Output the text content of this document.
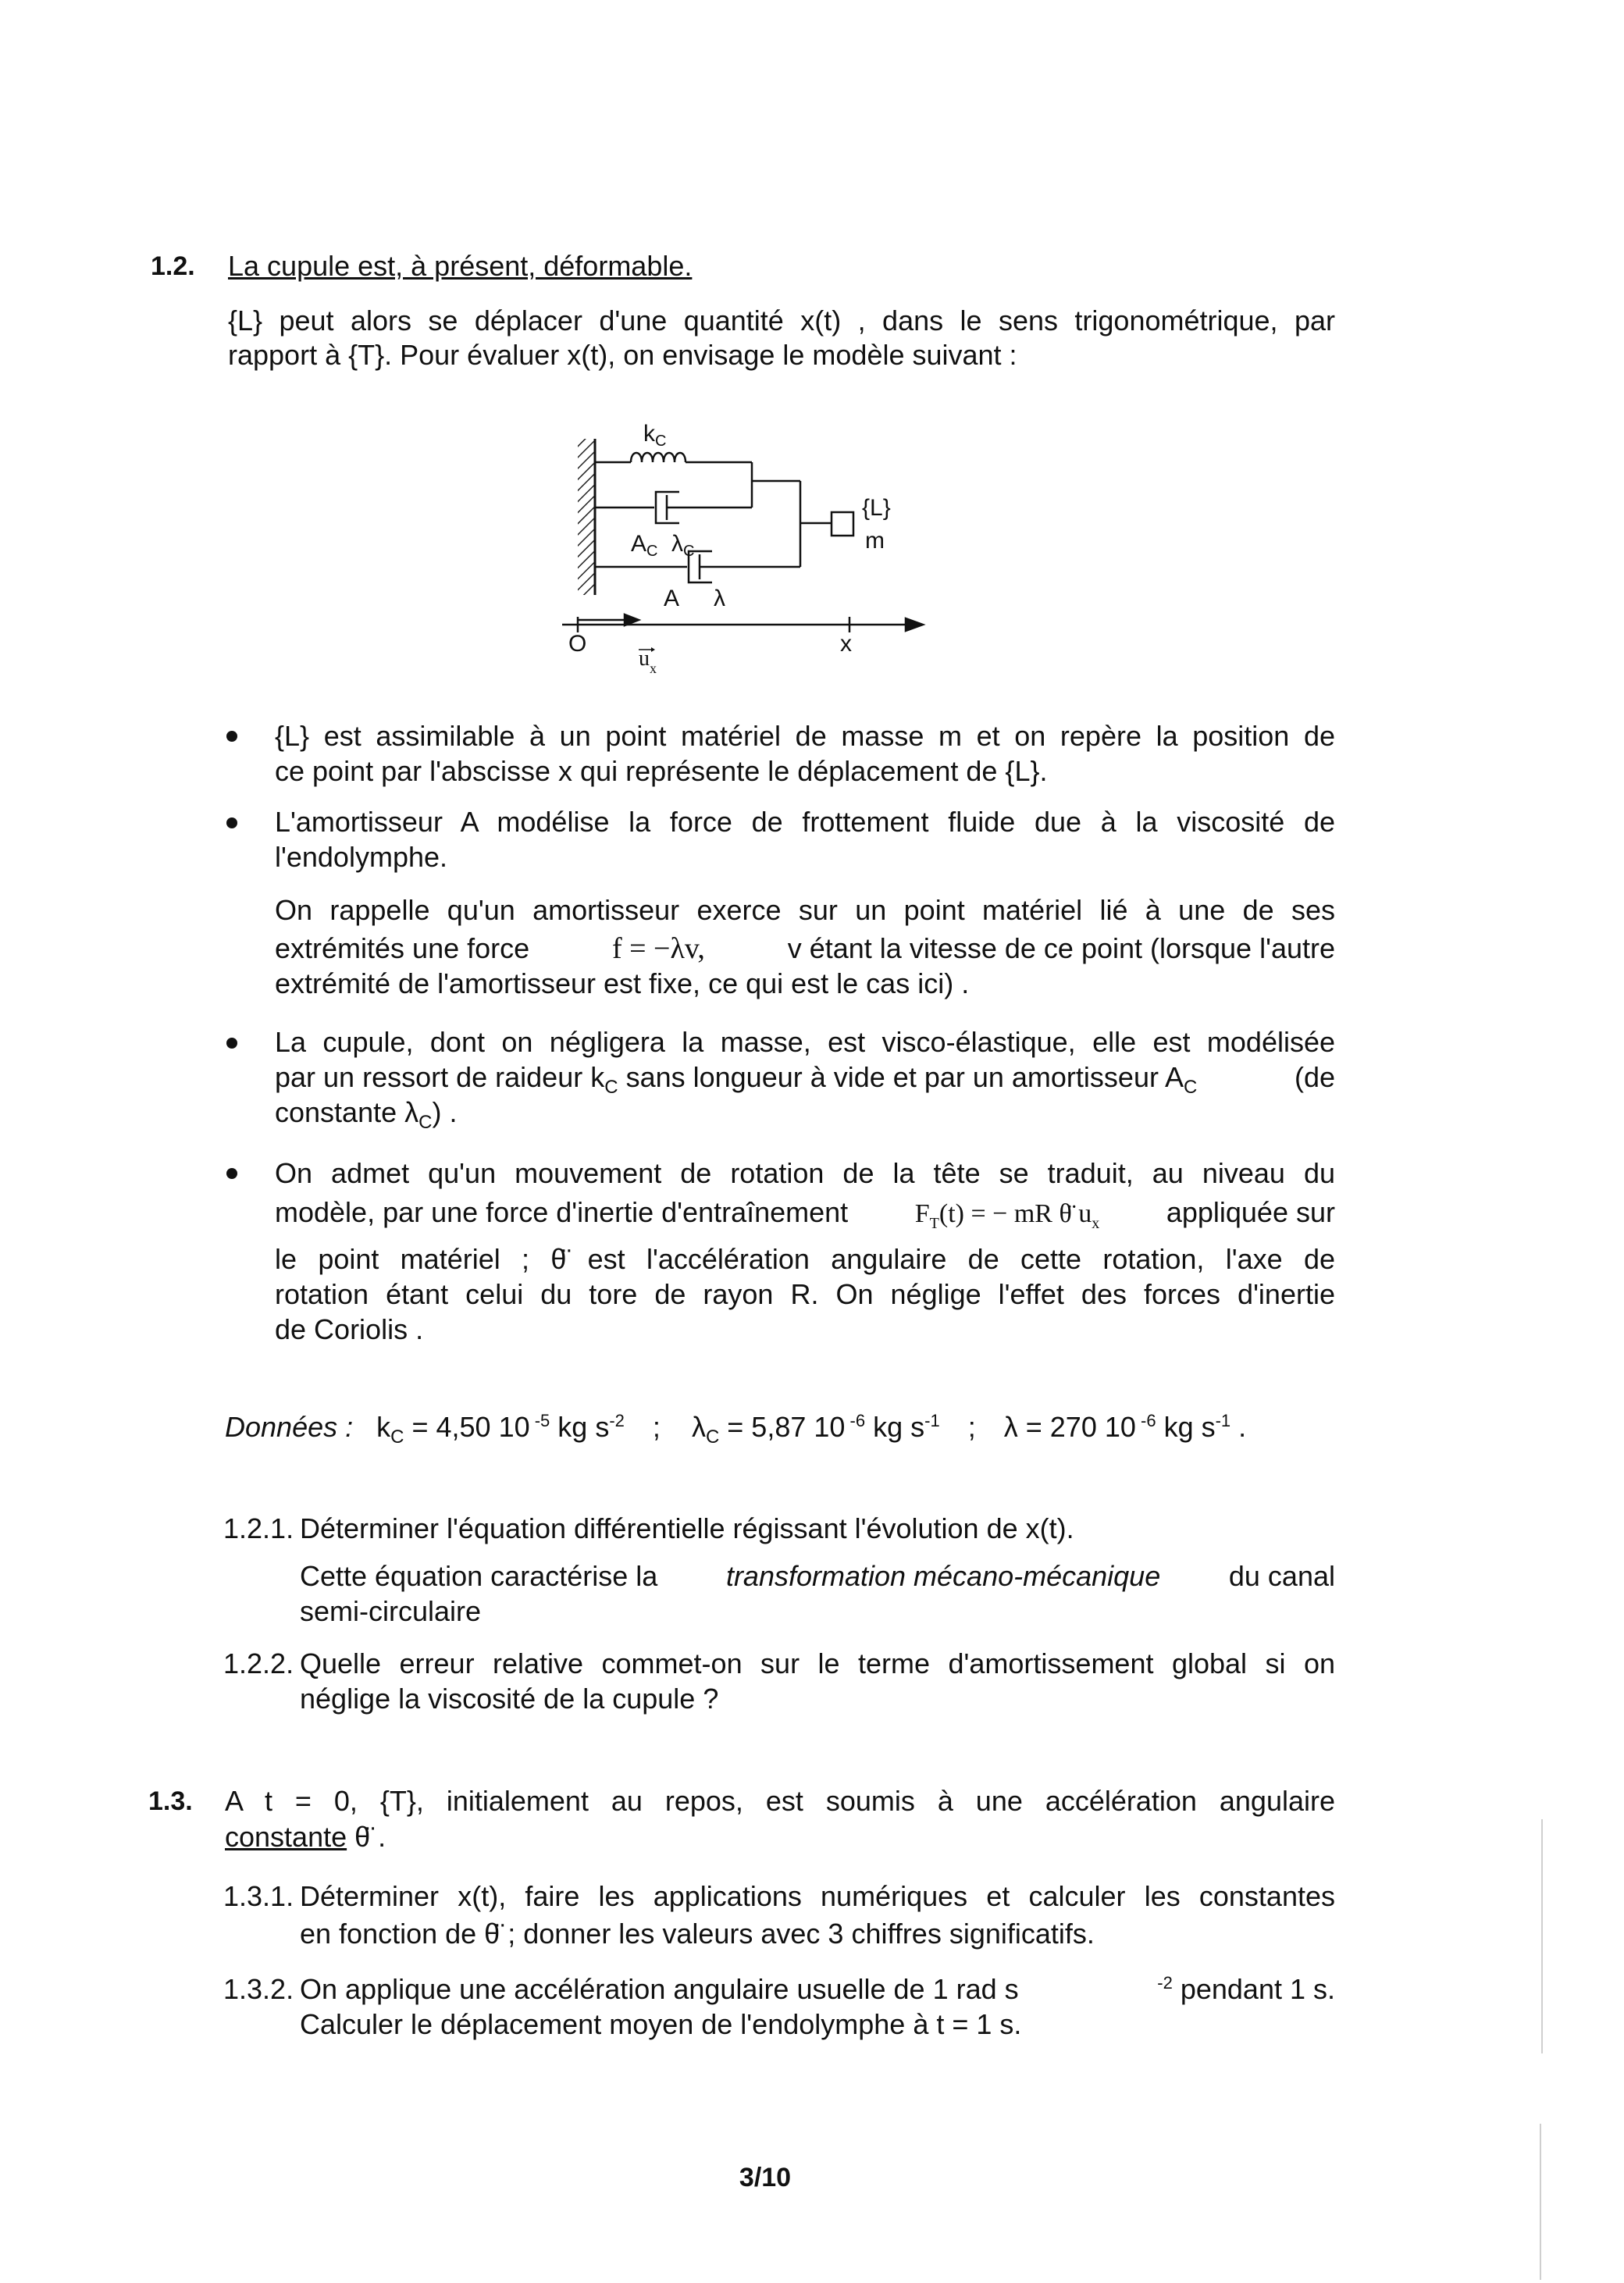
1.2. La cupule est, à présent, déformable.
{L} peut alors se déplacer d'une quantité x(t) , dans le sens trigonométrique, par
rapport à {T}. Pour évaluer x(t), on envisage le modèle suivant :
$k_C$
$A_C$ $\lambda_C$
A λ
{L}
m
O	x
$u_x$
{L} est assimilable à un point matériel de masse m et on repère la position de
ce point par l'abscisse x qui représente le déplacement de {L}.
L'amortisseur A modélise la force de frottement fluide due à la viscosité de
l'endolymphe.
On rappelle qu'un amortisseur exerce sur un point matériel lié à une de ses
extrémités une force	f = −λv,	v étant la vitesse de ce point (lorsque l'autre
extrémité de l'amortisseur est fixe, ce qui est le cas ici) .
La cupule, dont on négligera la masse, est visco-élastique, elle est modélisée
par un ressort de raideur $k_C$ sans longueur à vide et par un amortisseur $A_C$	(de
constante $\lambda_C$) .
On admet qu'un mouvement de rotation de la tête se traduit, au niveau du
modèle, par une force d'inertie d'entraînement	$F_T(t)$ = − mR θ̈ $u_x$ appliquée sur
le point matériel ; θ̈ est l'accélération angulaire de cette rotation, l'axe de
rotation étant celui du tore de rayon R. On néglige l'effet des forces d'inertie
de Coriolis .
Données : $k_C = 4,50$ 10 $^{-5}$ kg $s^{-2}$ ; $\lambda_C = 5,87$ 10 $^{-6}$ kg $s^{-1}$ ; λ = 270 10 $^{-6}$ kg $s^{-1}$ .
1.2.1. Déterminer l'équation différentielle régissant l'évolution de x(t).
Cette équation caractérise la transformation mécano-mécanique du canal
semi-circulaire
1.2.2. Quelle erreur relative commet-on sur le terme d'amortissement global si on
néglige la viscosité de la cupule ?
1.3. A t = 0, {T}, initialement au repos, est soumis à une accélération angulaire
constante θ̈ .
1.3.1. Déterminer x(t), faire les applications numériques et calculer les constantes
en fonction de θ̈ ; donner les valeurs avec 3 chiffres significatifs.
1.3.2. On applique une accélération angulaire usuelle de 1 rad s	$^{-2}$ pendant 1 s.
Calculer le déplacement moyen de l'endolymphe à t = 1 s.
3/10
